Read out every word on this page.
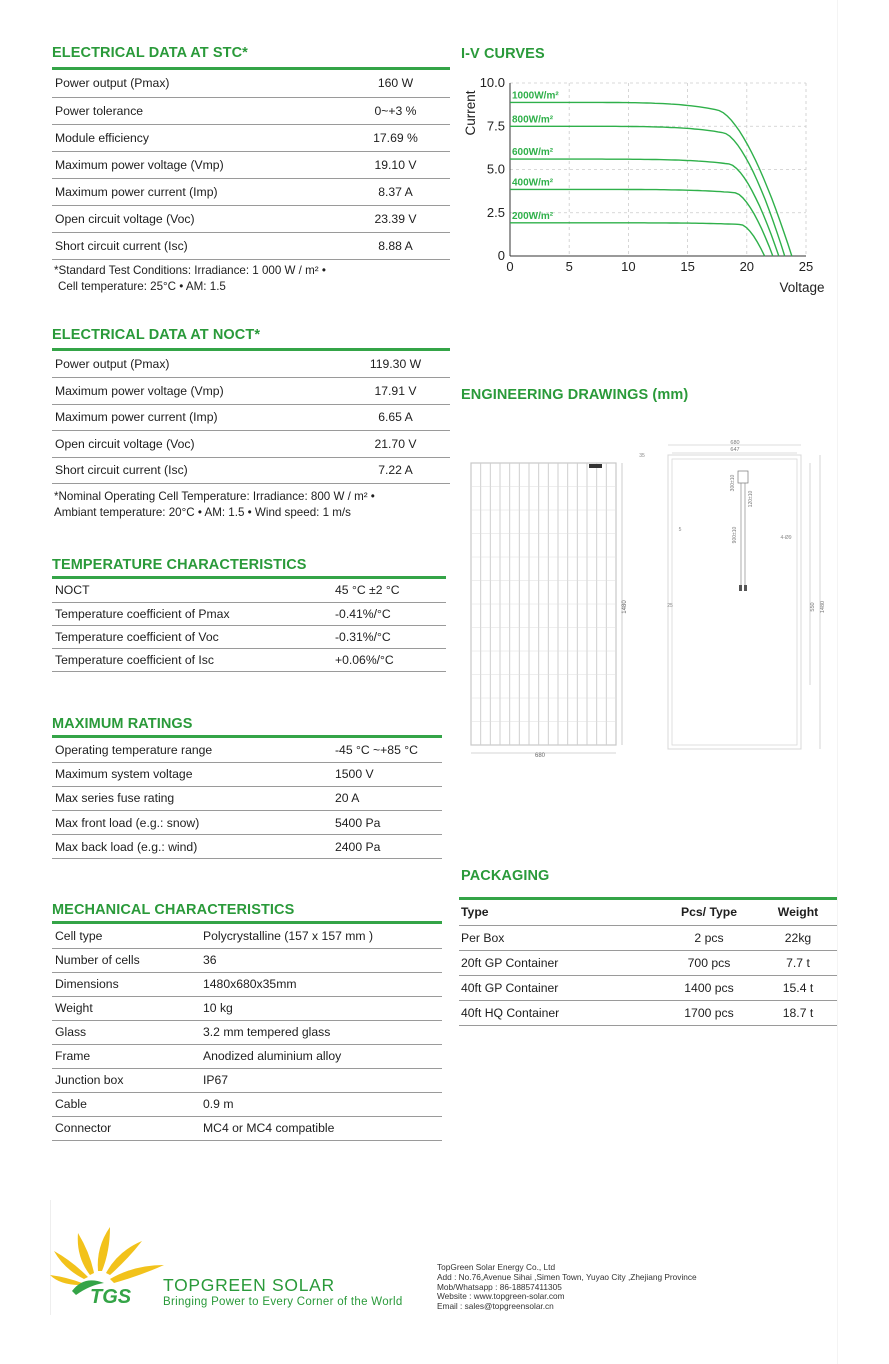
ELECTRICAL DATA AT STC*
Power output (Pmax)	160 W	
Power tolerance	0~+3 %	
Module efficiency	17.69 %	
Maximum power voltage (Vmp)	19.10 V	
Maximum power current (Imp)	8.37 A	
Open circuit voltage (Voc)	23.39 V	
Short circuit current (Isc)	8.88 A	
*Standard Test Conditions: Irradiance: 1 000 W / m² •
Cell temperature: 25°C • AM: 1.5
ELECTRICAL DATA AT NOCT*
Power output (Pmax)	119.30 W	
Maximum power voltage (Vmp)	17.91 V	
Maximum power current (Imp)	6.65 A	
Open circuit voltage (Voc)	21.70 V	
Short circuit current (Isc)	7.22 A	
*Nominal Operating Cell Temperature: Irradiance: 800 W / m² •
Ambiant temperature: 20°C • AM: 1.5 • Wind speed: 1 m/s
TEMPERATURE CHARACTERISTICS
NOCT	45 °C ±2 °C	
Temperature coefficient of Pmax	-0.41%/°C	
Temperature coefficient of Voc	-0.31%/°C	
Temperature coefficient of Isc	+0.06%/°C	
MAXIMUM RATINGS
Operating temperature range	-45 °C ~+85 °C	
Maximum system voltage	1500 V	
Max series fuse rating	20 A	
Max front load (e.g.: snow)	5400 Pa	
Max back load (e.g.: wind)	2400 Pa	
MECHANICAL CHARACTERISTICS
Cell type	Polycrystalline (157 x 157 mm )	
Number of cells	36	
Dimensions	1480x680x35mm	
Weight	10 kg	
Glass	3.2 mm tempered glass	
Frame	Anodized aluminium alloy	
Junction box	IP67	
Cable	0.9 m	
Connector	MC4 or MC4 compatible	
I-V CURVES
0	5	10	15	20	25
0
2.5
5.0
7.5
10.0
Voltage
Current	1000W/m²
800W/m²
600W/m²
400W/m²
200W/m²
ENGINEERING DRAWINGS (mm)
680
1480
680
647
35
300±10
120±10
900±10
5
25
4-Ø9
550 1480
PACKAGING
Type	Pcs/ Type	Weight
Per Box	2 pcs	22kg
20ft GP Container	700 pcs	7.7 t
40ft GP Container	1400 pcs	15.4 t
40ft HQ Container	1700 pcs	18.7 t
TGS
TOPGREEN SOLAR
Bringing Power to Every Corner of the World
TopGreen Solar Energy Co., Ltd
Add : No.76,Avenue Sihai ,Simen Town, Yuyao City ,Zhejiang Province
Mob/Whatsapp : 86-18857411305
Website : www.topgreen-solar.com
Email : sales@topgreensolar.cn
